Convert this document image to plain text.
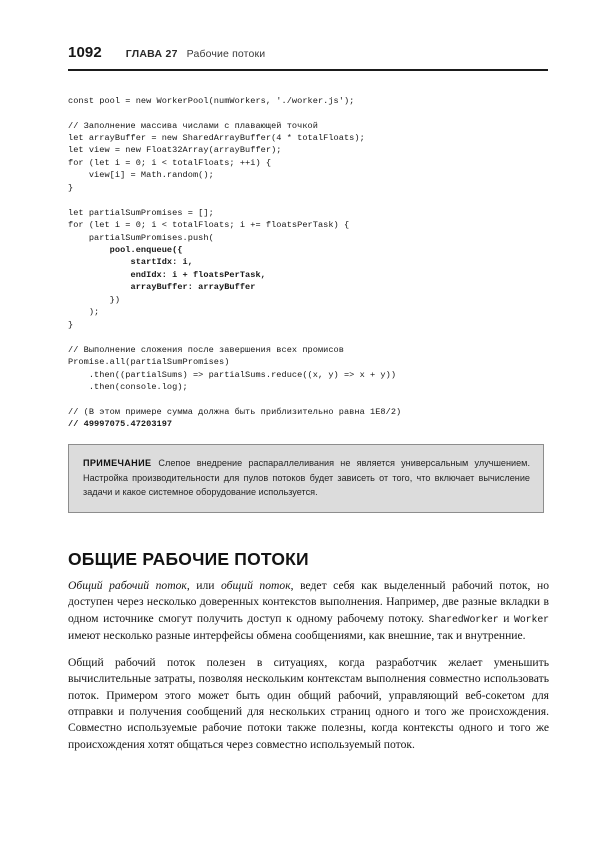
1092 ГЛАВА 27 Рабочие потоки
const pool = new WorkerPool(numWorkers, './worker.js');

// Заполнение массива числами с плавающей точкой
let arrayBuffer = new SharedArrayBuffer(4 * totalFloats);
let view = new Float32Array(arrayBuffer);
for (let i = 0; i < totalFloats; ++i) {
view[i] = Math.random();
}

let partialSumPromises = [];
for (let i = 0; i < totalFloats; i += floatsPerTask) {
partialSumPromises.push(
pool.enqueue({
startIdx: i,
endIdx: i + floatsPerTask,
arrayBuffer: arrayBuffer
})
);
}

// Выполнение сложения после завершения всех промисов
Promise.all(partialSumPromises)
.then((partialSums) => partialSums.reduce((x, y) => x + y))
.then(console.log);

// (В этом примере сумма должна быть приблизительно равна 1E8/2)
// 49997075.47203197

ПРИМЕЧАНИЕ Слепое внедрение распараллеливания не является универсальным улучшением. Настройка производительности для пулов потоков будет зависеть от того, что включает вычисление задачи и какое системное оборудование используется.

ОБЩИЕ РАБОЧИЕ ПОТОКИ

Общий рабочий поток, или общий поток, ведет себя как выделенный рабочий поток, но доступен через несколько доверенных контекстов выполнения. Например, две разные вкладки в одном источнике смогут получить доступ к одному рабочему потоку. SharedWorker и Worker имеют несколько разные интерфейсы обмена сообщениями, как внешние, так и внутренние.

Общий рабочий поток полезен в ситуациях, когда разработчик желает уменьшить вычислительные затраты, позволяя нескольким контекстам выполнения совместно использовать поток. Примером этого может быть один общий рабочий, управляющий веб-сокетом для отправки и получения сообщений для нескольких страниц одного и того же происхождения. Совместно используемые рабочие потоки также полезны, когда контексты одного и того же происхождения хотят общаться через совместно используемый поток.
